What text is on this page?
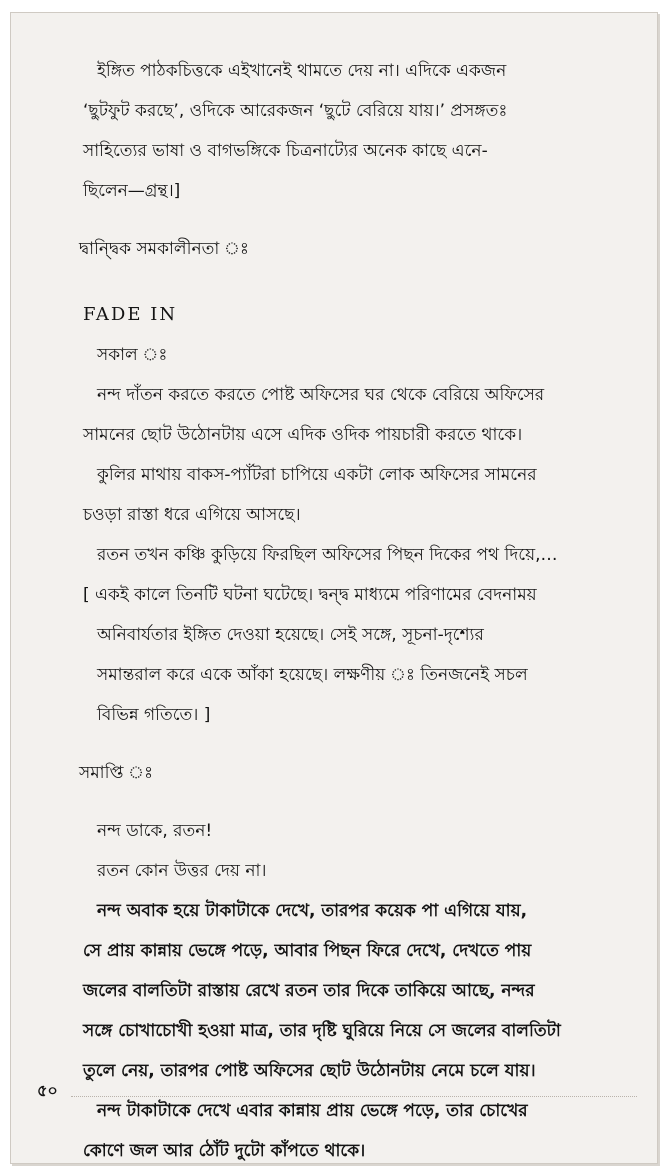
ইঙ্গিত পাঠকচিত্তকে এইখানেই থামতে দেয় না। এদিকে একজন

‘ছুটফুট করছে’, ওদিকে আরেকজন ‘ছুটে বেরিয়ে যায়।’ প্রসঙ্গতঃ

সাহিত্যের ভাষা ও বাগভঙ্গিকে চিত্রনাট্যের অনেক কাছে এনে-

ছিলেন—গ্রন্থ।]

দ্বান্দ্বিক সমকালীনতা ঃ

FADE IN

সকাল ঃ

নন্দ দাঁতন করতে করতে পোষ্ট অফিসের ঘর থেকে বেরিয়ে অফিসের

সামনের ছোট উঠোনটায় এসে এদিক ওদিক পায়চারী করতে থাকে।

কুলির মাথায় বাকস-প্যাঁটরা চাপিয়ে একটা লোক অফিসের সামনের

চওড়া রাস্তা ধরে এগিয়ে আসছে।

রতন তখন কঞ্চি কুড়িয়ে ফিরছিল অফিসের পিছন দিকের পথ দিয়ে,…

[ একই কালে তিনটি ঘটনা ঘটেছে। দ্বন্দ্ব মাধ্যমে পরিণামের বেদনাময়

অনিবার্যতার ইঙ্গিত দেওয়া হয়েছে। সেই সঙ্গে, সূচনা-দৃশ্যের

সমান্তরাল করে একে আঁকা হয়েছে। লক্ষণীয় ঃ তিনজনেই সচল

বিভিন্ন গতিতে। ]

সমাপ্তি ঃ

নন্দ ডাকে, রতন!

রতন কোন উত্তর দেয় না।

নন্দ অবাক হয়ে টাকাটাকে দেখে, তারপর কয়েক পা এগিয়ে যায়,

সে প্রায় কান্নায় ভেঙ্গে পড়ে, আবার পিছন ফিরে দেখে, দেখতে পায়

জলের বালতিটা রাস্তায় রেখে রতন তার দিকে তাকিয়ে আছে, নন্দর

সঙ্গে চোখাচোখী হওয়া মাত্র, তার দৃষ্টি ঘুরিয়ে নিয়ে সে জলের বালতিটা

তুলে নেয়, তারপর পোষ্ট অফিসের ছোট উঠোনটায় নেমে চলে যায়।

নন্দ টাকাটাকে দেখে এবার কান্নায় প্রায় ভেঙ্গে পড়ে, তার চোখের

কোণে জল আর ঠোঁট দুটো কাঁপতে থাকে।

৫০
